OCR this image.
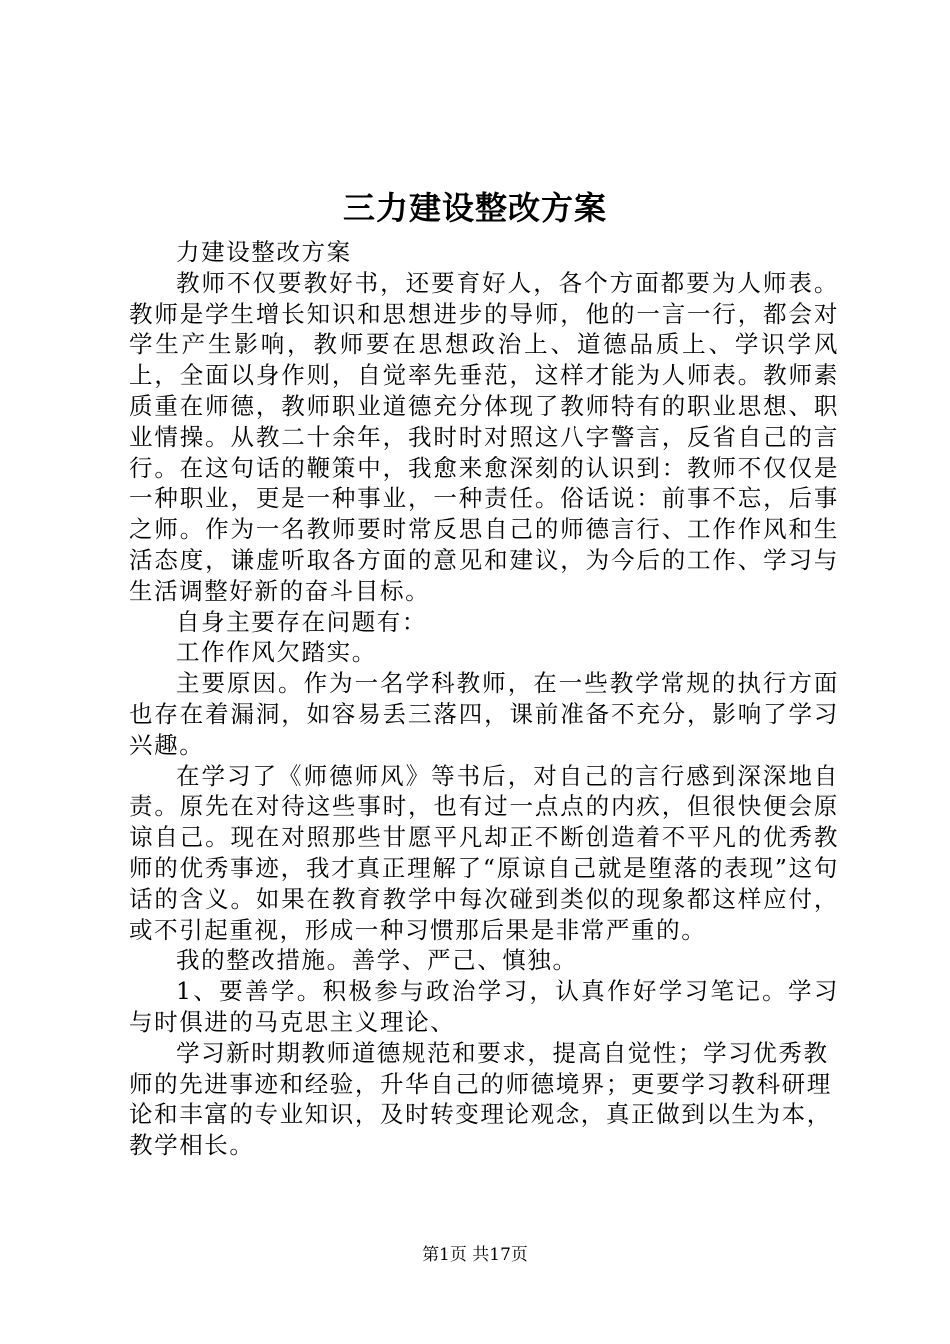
三力建设整改方案

力建设整改方案

教师不仅要教好书，还要育好人，各个方面都要为人师表。教师是学生增长知识和思想进步的导师，他的一言一行，都会对学生产生影响，教师要在思想政治上、道德品质上、学识学风上，全面以身作则，自觉率先垂范，这样才能为人师表。教师素质重在师德，教师职业道德充分体现了教师特有的职业思想、职业情操。从教二十余年，我时时对照这八字警言，反省自己的言行。在这句话的鞭策中，我愈来愈深刻的认识到：教师不仅仅是一种职业，更是一种事业，一种责任。俗话说：前事不忘，后事之师。作为一名教师要时常反思自己的师德言行、工作作风和生活态度，谦虚听取各方面的意见和建议，为今后的工作、学习与生活调整好新的奋斗目标。

自身主要存在问题有：

工作作风欠踏实。

主要原因。作为一名学科教师，在一些教学常规的执行方面也存在着漏洞，如容易丢三落四，课前准备不充分，影响了学习兴趣。

在学习了《师德师风》等书后，对自己的言行感到深深地自责。原先在对待这些事时，也有过一点点的内疚，但很快便会原谅自己。现在对照那些甘愿平凡却正不断创造着不平凡的优秀教师的优秀事迹，我才真正理解了“原谅自己就是堕落的表现”这句话的含义。如果在教育教学中每次碰到类似的现象都这样应付，或不引起重视，形成一种习惯那后果是非常严重的。

我的整改措施。善学、严己、慎独。

1、要善学。积极参与政治学习，认真作好学习笔记。学习与时俱进的马克思主义理论、

学习新时期教师道德规范和要求，提高自觉性；学习优秀教师的先进事迹和经验，升华自己的师德境界；更要学习教科研理论和丰富的专业知识，及时转变理论观念，真正做到以生为本，教学相长。

第1页 共17页
